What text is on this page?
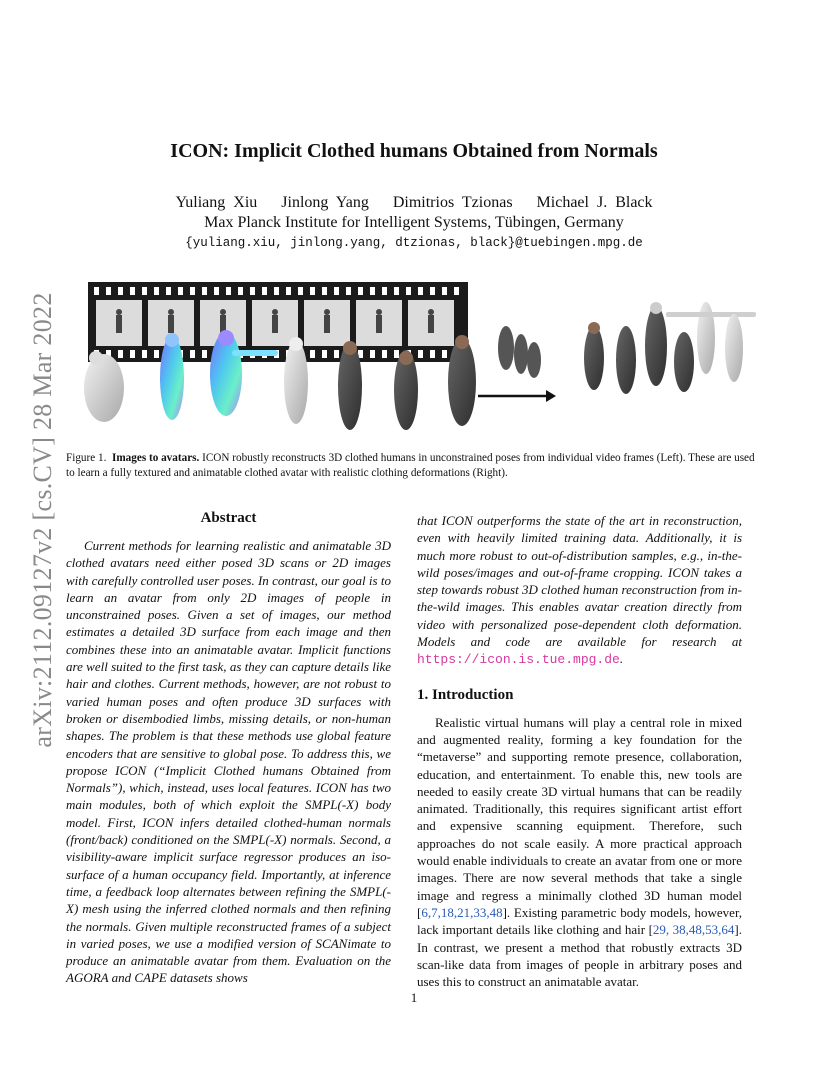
arXiv:2112.09127v2 [cs.CV] 28 Mar 2022
ICON: Implicit Clothed humans Obtained from Normals
Yuliang Xiu Jinlong Yang Dimitrios Tzionas Michael J. Black
Max Planck Institute for Intelligent Systems, Tübingen, Germany
{yuliang.xiu, jinlong.yang, dtzionas, black}@tuebingen.mpg.de
Figure 1. Images to avatars. ICON robustly reconstructs 3D clothed humans in unconstrained poses from individual video frames (Left). These are used to learn a fully textured and animatable clothed avatar with realistic clothing deformations (Right).
Abstract

Current methods for learning realistic and animatable 3D clothed avatars need either posed 3D scans or 2D images with carefully controlled user poses. In contrast, our goal is to learn an avatar from only 2D images of people in unconstrained poses. Given a set of images, our method estimates a detailed 3D surface from each image and then combines these into an animatable avatar. Implicit functions are well suited to the first task, as they can capture details like hair and clothes. Current methods, however, are not robust to varied human poses and often produce 3D surfaces with broken or disembodied limbs, missing details, or non-human shapes. The problem is that these methods use global feature encoders that are sensitive to global pose. To address this, we propose ICON (“Implicit Clothed humans Obtained from Normals”), which, instead, uses local features. ICON has two main modules, both of which exploit the SMPL(-X) body model. First, ICON infers detailed clothed-human normals (front/back) conditioned on the SMPL(-X) normals. Second, a visibility-aware implicit surface regressor produces an iso-surface of a human occupancy field. Importantly, at inference time, a feedback loop alternates between refining the SMPL(-X) mesh using the inferred clothed normals and then refining the normals. Given multiple reconstructed frames of a subject in varied poses, we use a modified version of SCANimate to produce an animatable avatar from them. Evaluation on the AGORA and CAPE datasets shows

that ICON outperforms the state of the art in reconstruction, even with heavily limited training data. Additionally, it is much more robust to out-of-distribution samples, e.g., in-the-wild poses/images and out-of-frame cropping. ICON takes a step towards robust 3D clothed human reconstruction from in-the-wild images. This enables avatar creation directly from video with personalized pose-dependent cloth deformation. Models and code are available for research at https://icon.is.tue.mpg.de.

1. Introduction

Realistic virtual humans will play a central role in mixed and augmented reality, forming a key foundation for the “metaverse” and supporting remote presence, collaboration, education, and entertainment. To enable this, new tools are needed to easily create 3D virtual humans that can be readily animated. Traditionally, this requires significant artist effort and expensive scanning equipment. Therefore, such approaches do not scale easily. A more practical approach would enable individuals to create an avatar from one or more images. There are now several methods that take a single image and regress a minimally clothed 3D human model [6,7,18,21,33,48]. Existing parametric body models, however, lack important details like clothing and hair [29, 38,48,53,64]. In contrast, we present a method that robustly extracts 3D scan-like data from images of people in arbitrary poses and uses this to construct an animatable avatar.

1
